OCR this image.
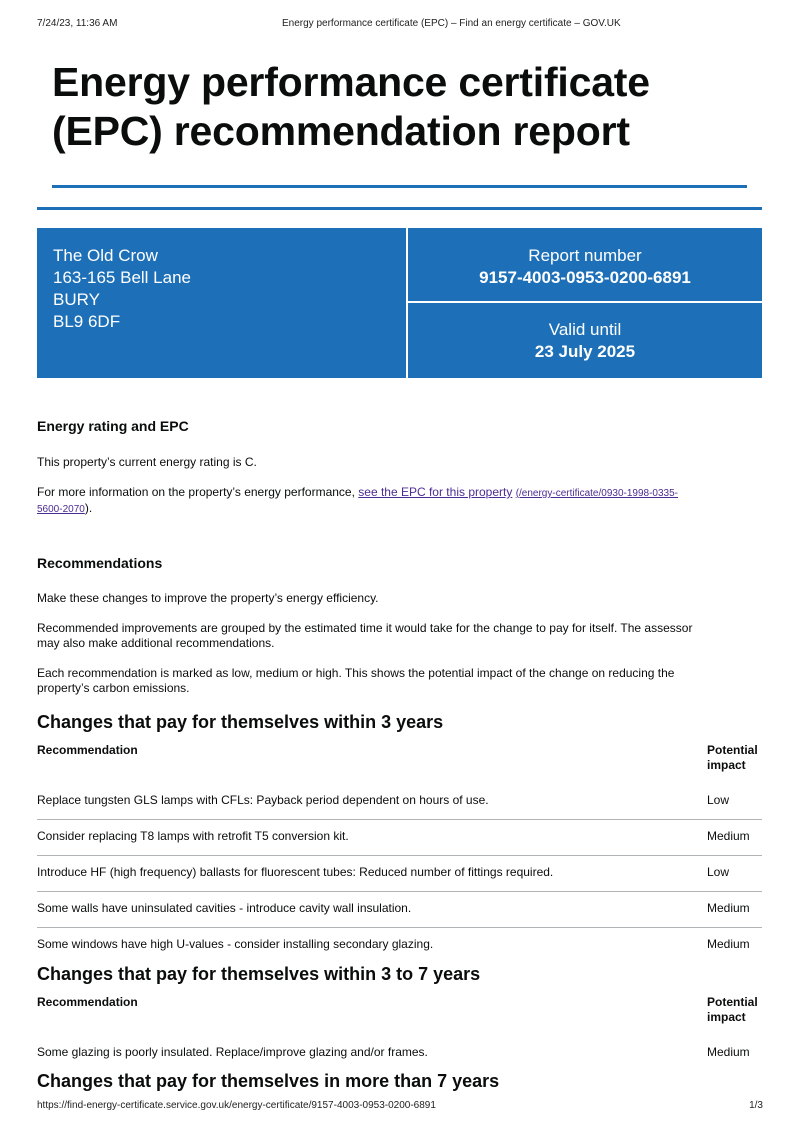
7/24/23, 11:36 AM	Energy performance certificate (EPC) – Find an energy certificate – GOV.UK
Energy performance certificate (EPC) recommendation report
The Old Crow
163-165 Bell Lane
BURY
BL9 6DF
Report number
9157-4003-0953-0200-6891
Valid until
23 July 2025
Energy rating and EPC
This property’s current energy rating is C.
For more information on the property’s energy performance, see the EPC for this property (/energy-certificate/0930-1998-0335-
5600-2070).
Recommendations
Make these changes to improve the property’s energy efficiency.
Recommended improvements are grouped by the estimated time it would take for the change to pay for itself. The assessor
may also make additional recommendations.
Each recommendation is marked as low, medium or high. This shows the potential impact of the change on reducing the
property’s carbon emissions.
Changes that pay for themselves within 3 years
Recommendation	Potential
impact
Replace tungsten GLS lamps with CFLs: Payback period dependent on hours of use.	Low
Consider replacing T8 lamps with retrofit T5 conversion kit.	Medium
Introduce HF (high frequency) ballasts for fluorescent tubes: Reduced number of fittings required.	Low
Some walls have uninsulated cavities - introduce cavity wall insulation.	Medium
Some windows have high U-values - consider installing secondary glazing.	Medium
Changes that pay for themselves within 3 to 7 years
Recommendation	Potential
impact
Some glazing is poorly insulated. Replace/improve glazing and/or frames.	Medium
Changes that pay for themselves in more than 7 years
https://find-energy-certificate.service.gov.uk/energy-certificate/9157-4003-0953-0200-6891	1/3
